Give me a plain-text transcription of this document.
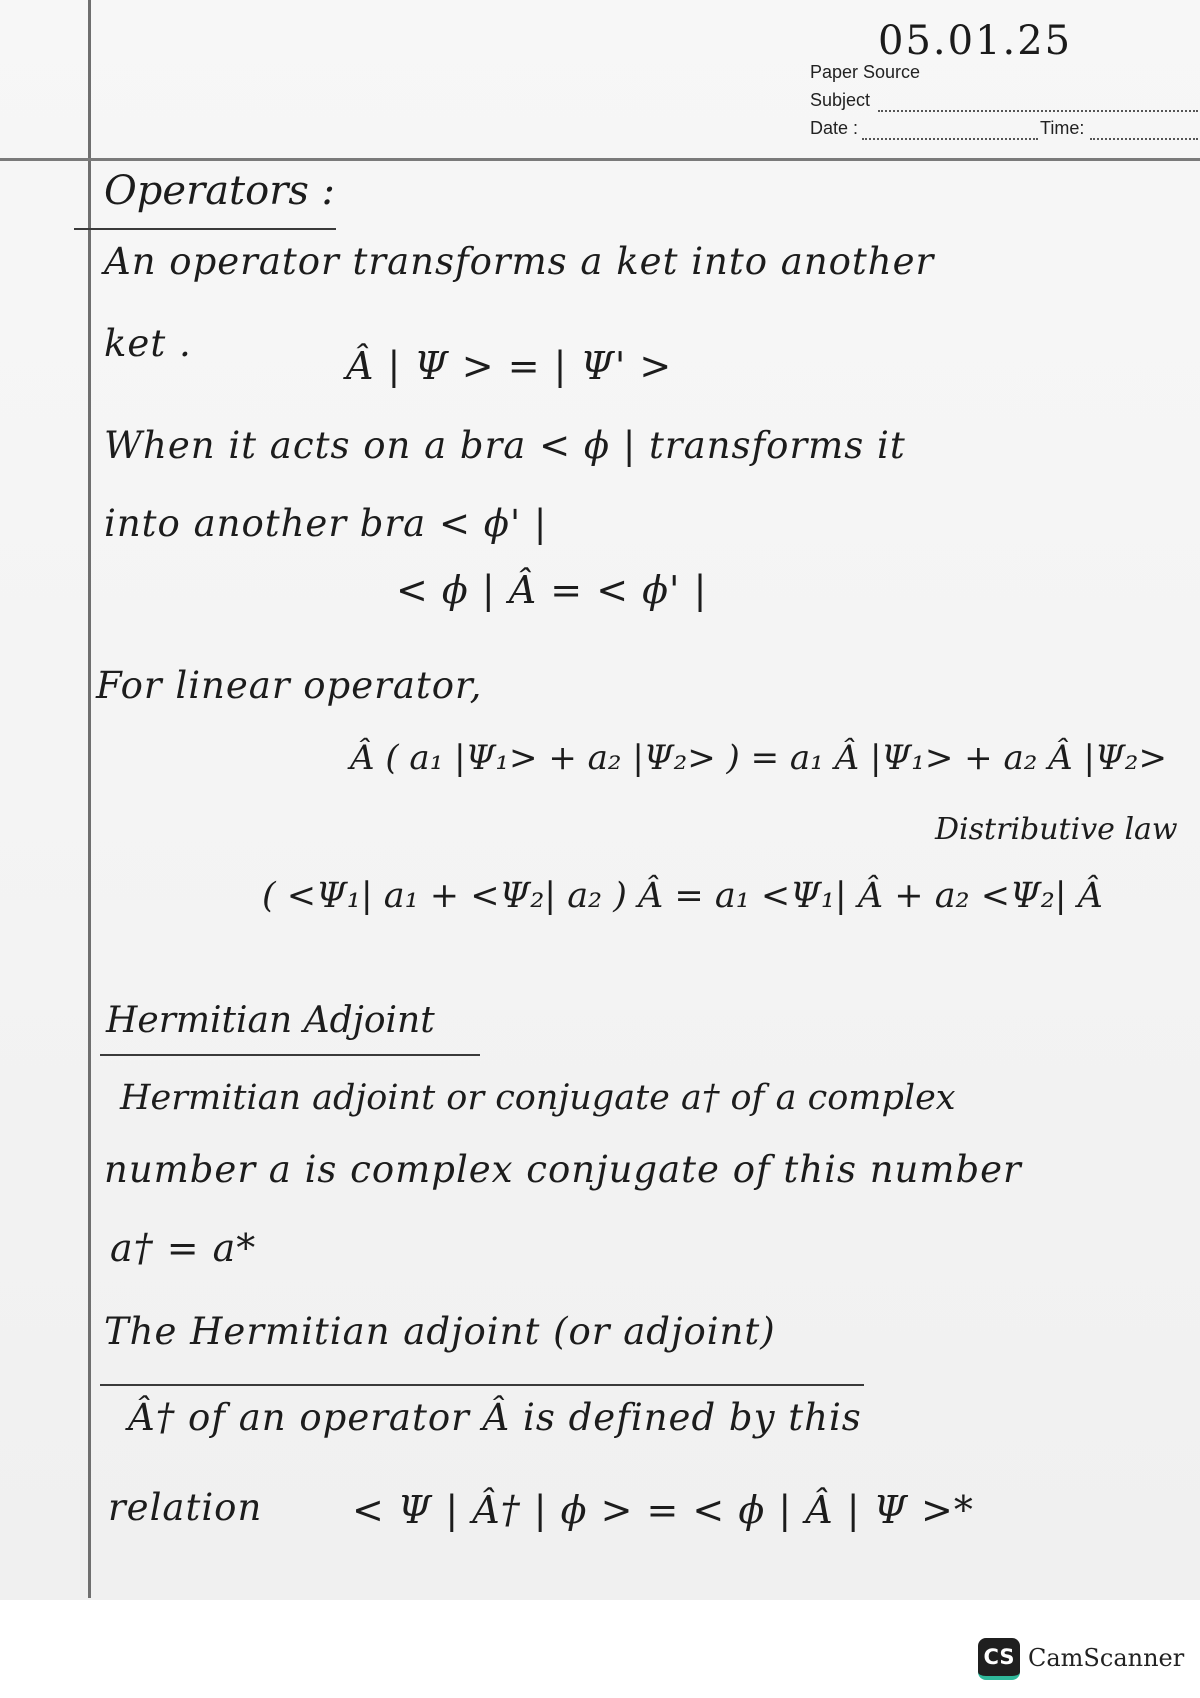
05.01.25
Paper Source
Subject
Date :	Time:
Operators :
An operator transforms a ket into another
ket .
Â | Ψ > = | Ψ' >
When it acts on a bra < ϕ | transforms it
into another bra < ϕ' |
< ϕ | Â = < ϕ' |
For linear operator,
Â ( a₁ |Ψ₁> + a₂ |Ψ₂> ) = a₁ Â |Ψ₁> + a₂ Â |Ψ₂>
Distributive law
( <Ψ₁| a₁ + <Ψ₂| a₂ ) Â = a₁ <Ψ₁| Â + a₂ <Ψ₂| Â
Hermitian Adjoint
Hermitian adjoint or conjugate a† of a complex
number a is complex conjugate of this number
a† = a*
The Hermitian adjoint (or adjoint)
Â† of an operator Â is defined by this
relation < Ψ | Â† | ϕ > = < ϕ | Â | Ψ >*
CS CamScanner
